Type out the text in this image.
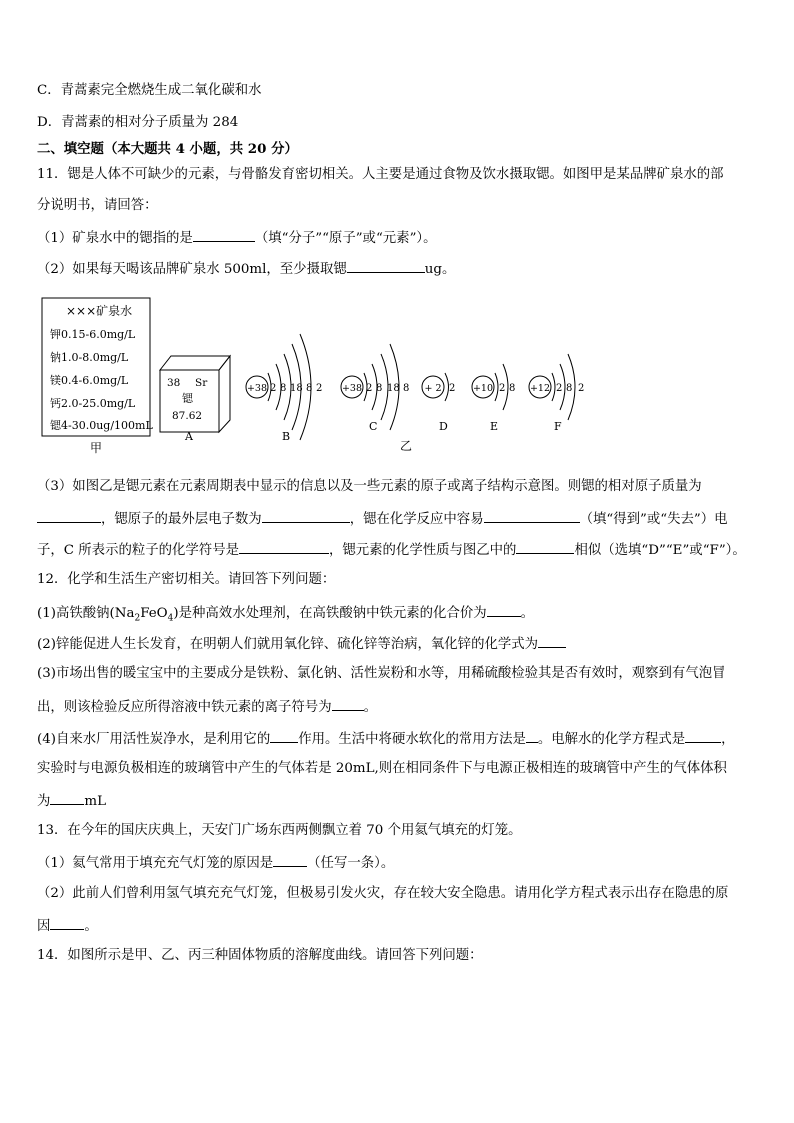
C．青蒿素完全燃烧生成二氧化碳和水
D．青蒿素的相对分子质量为 284
二、填空题（本大题共 4 小题，共 20 分）
11．锶是人体不可缺少的元素，与骨骼发育密切相关。人主要是通过食物及饮水摄取锶。如图甲是某品牌矿泉水的部
分说明书，请回答：
（1）矿泉水中的锶指的是	（填“分子”“原子”或“元素”）。
（2）如果每天喝该品牌矿泉水 500ml，至少摄取锶	ug。
×××矿泉水
钾0.15-6.0mg/L
钠1.0-8.0mg/L
镁0.4-6.0mg/L
钙2.0-25.0mg/L
锶4-30.0ug/100mL
甲
38 Sr
锶
87.62
A
+38 2 8 18 8 2
B
+38 2 8 18 8
C
+ 2 2
D
+10 2 8
E
+12 2 8 2
F
乙
（3）如图乙是锶元素在元素周期表中显示的信息以及一些元素的原子或离子结构示意图。则锶的相对原子质量为
，锶原子的最外层电子数为	，锶在化学反应中容易	（填“得到”或“失去”）电
子，C 所表示的粒子的化学符号是	，锶元素的化学性质与图乙中的	相似（选填“D”“E”或“F”）。
12．化学和生活生产密切相关。请回答下列问题：
(1)高铁酸钠$(Na_2FeO_4)$是种高效水处理剂，在高铁酸钠中铁元素的化合价为	。
(2)锌能促进人生长发育，在明朝人们就用氧化锌、硫化锌等治病，氧化锌的化学式为
(3)市场出售的暖宝宝中的主要成分是铁粉、氯化钠、活性炭粉和水等，用稀硫酸检验其是否有效时，观察到有气泡冒
出，则该检验反应所得溶液中铁元素的离子符号为 。
(4)自来水厂用活性炭净水，是利用它的 作用。生活中将硬水软化的常用方法是 。电解水的化学方程式是	，
实验时与电源负极相连的玻璃管中产生的气体若是 20mL,则在相同条件下与电源正极相连的玻璃管中产生的气体体积
为	mL
13．在今年的国庆庆典上，天安门广场东西两侧飘立着 70 个用氦气填充的灯笼。
（1）氦气常用于填充充气灯笼的原因是	（任写一条）。
（2）此前人们曾利用氢气填充充气灯笼，但极易引发火灾，存在较大安全隐患。请用化学方程式表示出存在隐患的原
因	。
14．如图所示是甲、乙、丙三种固体物质的溶解度曲线。请回答下列问题：
